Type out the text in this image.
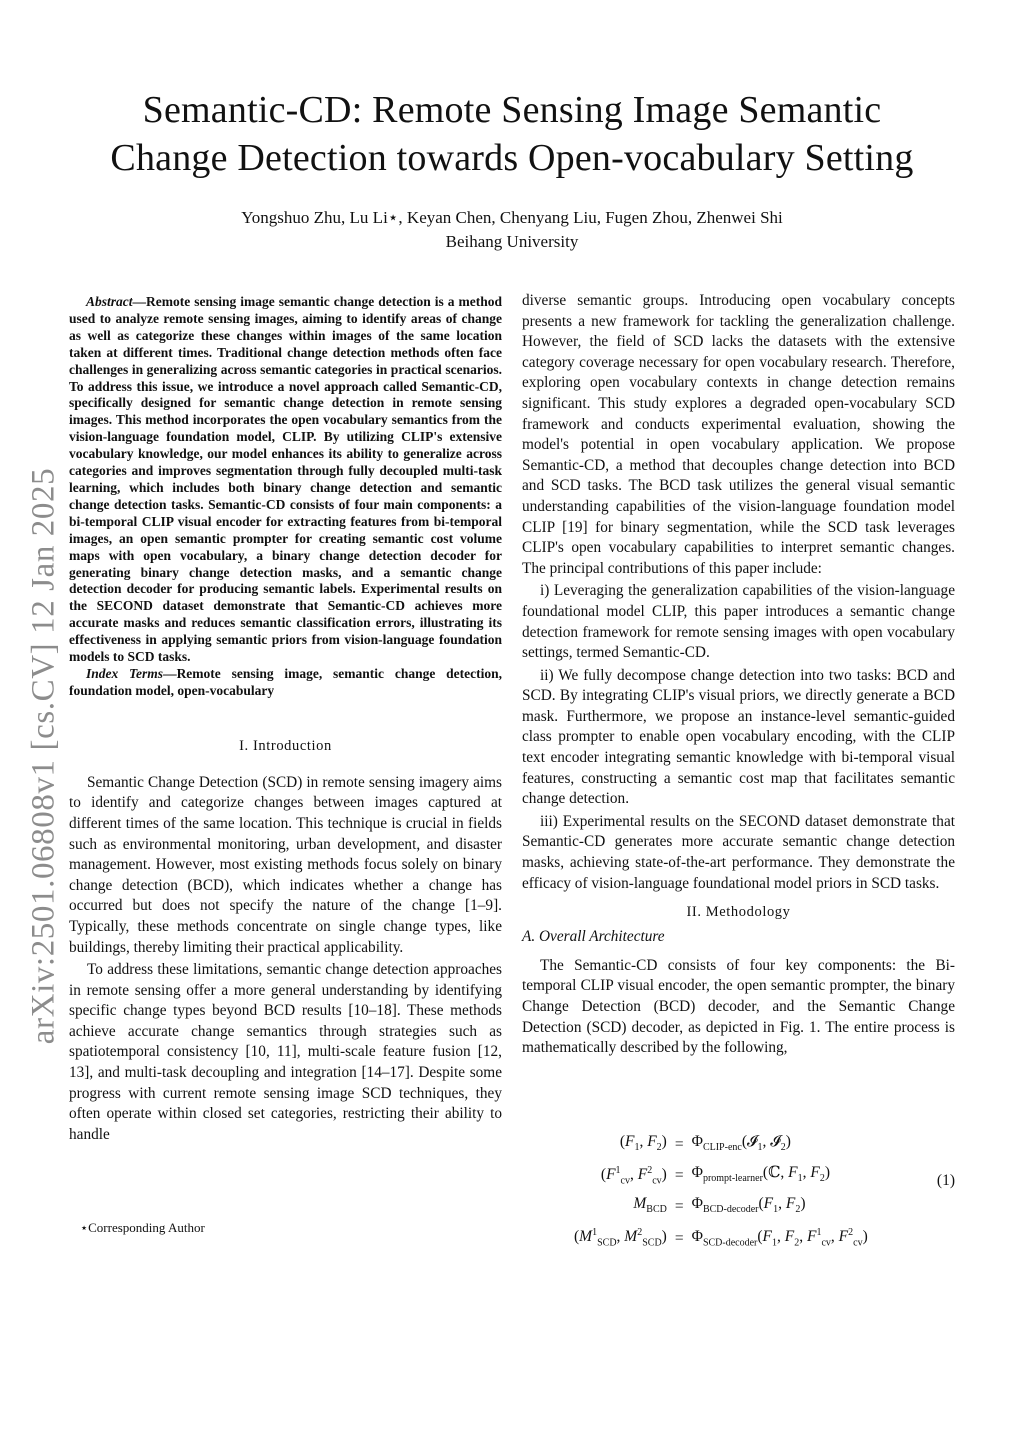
Semantic-CD: Remote Sensing Image Semantic
Change Detection towards Open-vocabulary Setting
Yongshuo Zhu, Lu Li⋆, Keyan Chen, Chenyang Liu, Fugen Zhou, Zhenwei Shi
Beihang University
arXiv:2501.06808v1 [cs.CV] 12 Jan 2025

Abstract—Remote sensing image semantic change detection is a method used to analyze remote sensing images, aiming to identify areas of change as well as categorize these changes within images of the same location taken at different times. Traditional change detection methods often face challenges in generalizing across semantic categories in practical scenarios. To address this issue, we introduce a novel approach called Semantic-CD, specifically designed for semantic change detection in remote sensing images. This method incorporates the open vocabulary semantics from the vision-language foundation model, CLIP. By utilizing CLIP's extensive vocabulary knowledge, our model enhances its ability to generalize across categories and improves segmentation through fully decoupled multi-task learning, which includes both binary change detection and semantic change detection tasks. Semantic-CD consists of four main components: a bi-temporal CLIP visual encoder for extracting features from bi-temporal images, an open semantic prompter for creating semantic cost volume maps with open vocabulary, a binary change detection decoder for generating binary change detection masks, and a semantic change detection decoder for producing semantic labels. Experimental results on the SECOND dataset demonstrate that Semantic-CD achieves more accurate masks and reduces semantic classification errors, illustrating its effectiveness in applying semantic priors from vision-language foundation models to SCD tasks.

Index Terms—Remote sensing image, semantic change detection, foundation model, open-vocabulary

I. Introduction

Semantic Change Detection (SCD) in remote sensing imagery aims to identify and categorize changes between images captured at different times of the same location. This technique is crucial in fields such as environmental monitoring, urban development, and disaster management. However, most existing methods focus solely on binary change detection (BCD), which indicates whether a change has occurred but does not specify the nature of the change [1–9]. Typically, these methods concentrate on single change types, like buildings, thereby limiting their practical applicability.

To address these limitations, semantic change detection approaches in remote sensing offer a more general understanding by identifying specific change types beyond BCD results [10–18]. These methods achieve accurate change semantics through strategies such as spatiotemporal consistency [10, 11], multi-scale feature fusion [12, 13], and multi-task decoupling and integration [14–17]. Despite some progress with current remote sensing image SCD techniques, they often operate within closed set categories, restricting their ability to handle

diverse semantic groups. Introducing open vocabulary concepts presents a new framework for tackling the generalization challenge. However, the field of SCD lacks the datasets with the extensive category coverage necessary for open vocabulary research. Therefore, exploring open vocabulary contexts in change detection remains significant. This study explores a degraded open-vocabulary SCD framework and conducts experimental evaluation, showing the model's potential in open vocabulary application. We propose Semantic-CD, a method that decouples change detection into BCD and SCD tasks. The BCD task utilizes the general visual semantic understanding capabilities of the vision-language foundation model CLIP [19] for binary segmentation, while the SCD task leverages CLIP's open vocabulary capabilities to interpret semantic changes. The principal contributions of this paper include:

i) Leveraging the generalization capabilities of the vision-language foundational model CLIP, this paper introduces a semantic change detection framework for remote sensing images with open vocabulary settings, termed Semantic-CD.

ii) We fully decompose change detection into two tasks: BCD and SCD. By integrating CLIP's visual priors, we directly generate a BCD mask. Furthermore, we propose an instance-level semantic-guided class prompter to enable open vocabulary encoding, with the CLIP text encoder integrating semantic knowledge with bi-temporal visual features, constructing a semantic cost map that facilitates semantic change detection.

iii) Experimental results on the SECOND dataset demonstrate that Semantic-CD generates more accurate semantic change detection masks, achieving state-of-the-art performance. They demonstrate the efficacy of vision-language foundational model priors in SCD tasks.

II. Methodology
A. Overall Architecture

The Semantic-CD consists of four key components: the Bi-temporal CLIP visual encoder, the open semantic prompter, the binary Change Detection (BCD) decoder, and the Semantic Change Detection (SCD) decoder, as depicted in Fig. 1. The entire process is mathematically described by the following,

($F_1$, $F_2$)	=	$\Phi_{CLIP-enc}(𝓘_1$, 𝓘$_2$)
($F^1_{cv}$, $F^2_{cv}$)	=	$\Phi_{prompt-learner}(ℂ$, $F_1$, $F_2$)
$M_{BCD}$	=	$\Phi_{BCD-decoder}(F_1$, $F_2$)
($M^1_{SCD}$, $M^2_{SCD}$)	=	$\Phi_{SCD-decoder}(F_1$, $F_2$, $F^1_{cv}$, $F^2_{cv}$)
(1)
⋆Corresponding Author
